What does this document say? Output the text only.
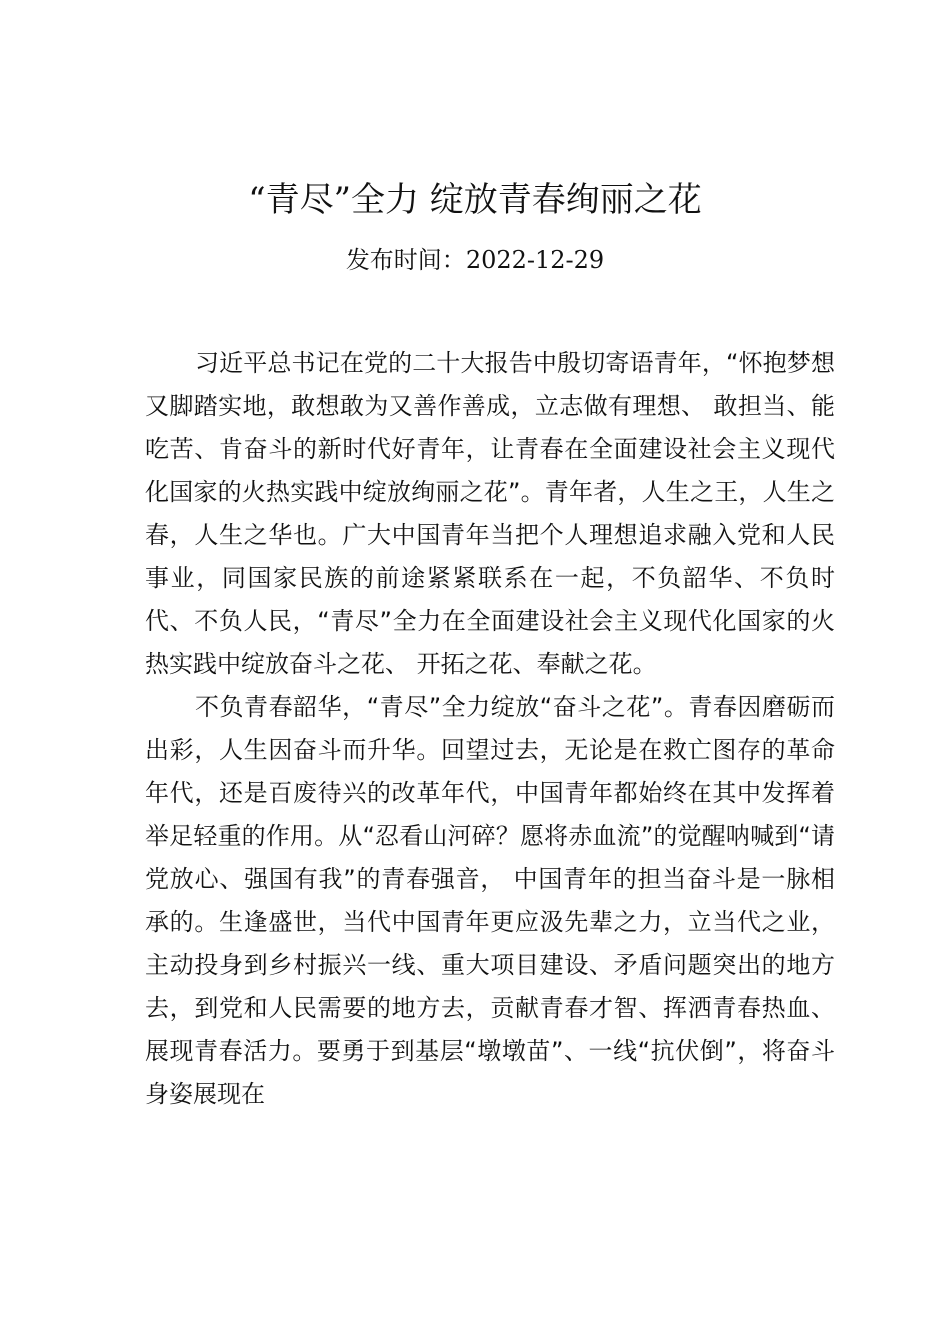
“青尽”全力 绽放青春绚丽之花
发布时间：2022-12-29

习近平总书记在党的二十大报告中殷切寄语青年，“怀抱梦想又脚踏实地，敢想敢为又善作善成，立志做有理想、 敢担当、能吃苦、肯奋斗的新时代好青年，让青春在全面建设社会主义现代化国家的火热实践中绽放绚丽之花”。青年者，人生之王，人生之春，人生之华也。广大中国青年当把个人理想追求融入党和人民事业，同国家民族的前途紧紧联系在一起，不负韶华、不负时代、不负人民，“青尽”全力在全面建设社会主义现代化国家的火热实践中绽放奋斗之花、 开拓之花、奉献之花。

不负青春韶华，“青尽”全力绽放“奋斗之花”。青春因磨砺而出彩，人生因奋斗而升华。回望过去，无论是在救亡图存的革命年代，还是百废待兴的改革年代，中国青年都始终在其中发挥着举足轻重的作用。从“忍看山河碎？愿将赤血流”的觉醒呐喊到“请党放心、强国有我”的青春强音， 中国青年的担当奋斗是一脉相承的。生逢盛世，当代中国青年更应汲先辈之力，立当代之业，主动投身到乡村振兴一线、重大项目建设、矛盾问题突出的地方去，到党和人民需要的地方去，贡献青春才智、挥洒青春热血、展现青春活力。要勇于到基层“墩墩苗”、一线“抗伏倒”，将奋斗身姿展现在
